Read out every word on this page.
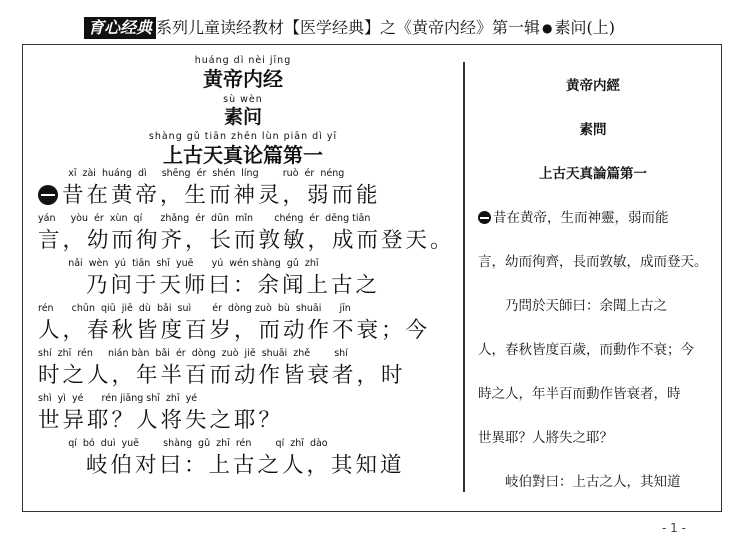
育心经典 系列儿童读经教材【医学经典】之《黄帝内经》第一辑 ● 素问(上)
huáng dì nèi jīng
黄帝内经
sù wèn
素问
shàng gǔ tiān zhēn lùn piān dì yī
上古天真论篇第一
xī  zài  huáng  dì     shēng  ér  shén  líng        ruò  ér  néng
昔在黄帝，生而神灵，弱而能
yán     yòu  ér  xùn  qí      zhǎng  ér  dūn  mǐn       chéng  ér  dēng tiān
言，幼而徇齐，长而敦敏，成而登天。
nǎi  wèn  yú  tiān  shī  yuē      yú  wén shàng  gǔ  zhī
乃问于天师曰：余闻上古之
rén      chūn  qiū  jiē  dù  bǎi  suì       ér  dòng zuò  bù  shuāi      jīn
人，春秋皆度百岁，而动作不衰；今
shí  zhī  rén     nián bàn  bǎi  ér  dòng  zuò  jiē  shuāi  zhě        shí
时之人，年半百而动作皆衰者，时
shì  yì  yé      rén jiāng shī  zhī  yé
世异耶？人将失之耶？
qí  bó  duì  yuē        shàng  gǔ  zhī  rén        qí  zhī  dào
岐伯对曰：上古之人，其知道
黄帝内經
素問
上古天真論篇第一
昔在黄帝，生而神靈，弱而能
言，幼而徇齊，長而敦敏，成而登天。
乃問於天師曰：余聞上古之
人，春秋皆度百歲，而動作不衰；今
時之人，年半百而動作皆衰者，時
世異耶？人將失之耶？
岐伯對曰：上古之人，其知道
- 1 -
